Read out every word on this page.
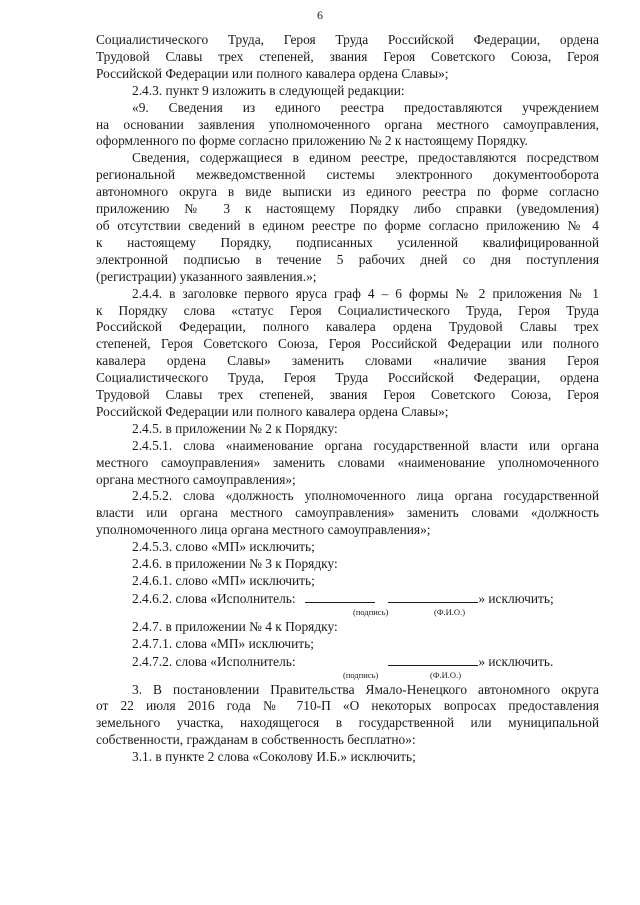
6
Социалистического Труда, Героя Труда Российской Федерации, ордена
Трудовой Славы трех степеней, звания Героя Советского Союза, Героя
Российской Федерации или полного кавалера ордена Славы»;
2.4.3. пункт 9 изложить в следующей редакции:
«9. Сведения из единого реестра предоставляются учреждением
на основании заявления уполномоченного органа местного самоуправления,
оформленного по форме согласно приложению № 2 к настоящему Порядку.
Сведения, содержащиеся в едином реестре, предоставляются посредством
региональной межведомственной системы электронного документооборота
автономного округа в виде выписки из единого реестра по форме согласно
приложению № 3 к настоящему Порядку либо справки (уведомления)
об отсутствии сведений в едином реестре по форме согласно приложению № 4
к настоящему Порядку, подписанных усиленной квалифицированной
электронной подписью в течение 5 рабочих дней со дня поступления
(регистрации) указанного заявления.»;
2.4.4. в заголовке первого яруса граф 4 – 6 формы № 2 приложения № 1
к Порядку слова «статус Героя Социалистического Труда, Героя Труда
Российской Федерации, полного кавалера ордена Трудовой Славы трех
степеней, Героя Советского Союза, Героя Российской Федерации или полного
кавалера ордена Славы» заменить словами «наличие звания Героя
Социалистического Труда, Героя Труда Российской Федерации, ордена
Трудовой Славы трех степеней, звания Героя Советского Союза, Героя
Российской Федерации или полного кавалера ордена Славы»;
2.4.5. в приложении № 2 к Порядку:
2.4.5.1. слова «наименование органа государственной власти или органа
местного самоуправления» заменить словами «наименование уполномоченного
органа местного самоуправления»;
2.4.5.2. слова «должность уполномоченного лица органа государственной
власти или органа местного самоуправления» заменить словами «должность
уполномоченного лица органа местного самоуправления»;
2.4.5.3. слово «МП» исключить;
2.4.6. в приложении № 3 к Порядку:
2.4.6.1. слово «МП» исключить;
2.4.6.2. слова «Исполнитель:	» исключить;
(подпись)	(Ф.И.О.)
2.4.7. в приложении № 4 к Порядку:
2.4.7.1. слова «МП» исключить;
2.4.7.2. слова «Исполнитель:	» исключить.
(подпись)	(Ф.И.О.)
3. В постановлении Правительства Ямало-Ненецкого автономного округа
от 22 июля 2016 года № 710-П «О некоторых вопросах предоставления
земельного участка, находящегося в государственной или муниципальной
собственности, гражданам в собственность бесплатно»:
3.1. в пункте 2 слова «Соколову И.Б.» исключить;
